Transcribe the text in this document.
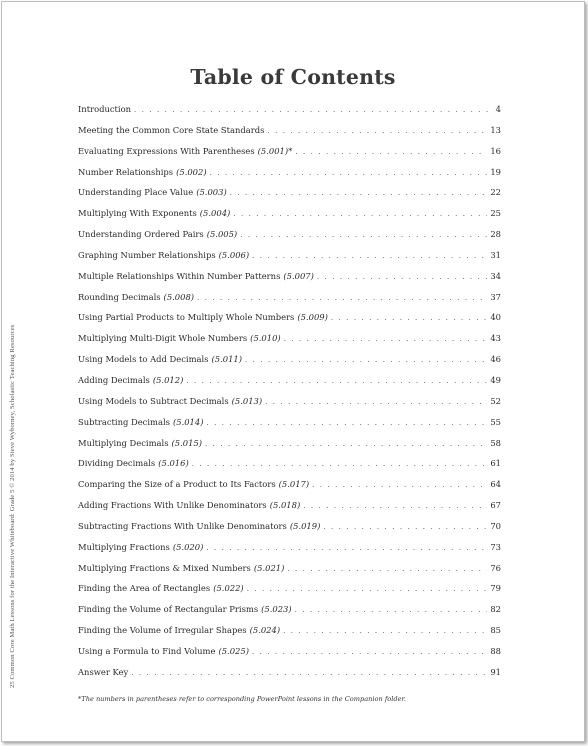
25 Common Core Math Lessons for the Interactive Whiteboard: Grade 5 © 2014 by Steve Wyborney, Scholastic Teaching Resources
Table of Contents
Introduction . . .	4
Meeting the Common Core State Standards . . .	13
Evaluating Expressions With Parentheses (5.001)* . . .	16
Number Relationships (5.002) . . .	19
Understanding Place Value (5.003) . . .	22
Multiplying With Exponents (5.004) . . .	25
Understanding Ordered Pairs (5.005) . . .	28
Graphing Number Relationships (5.006) . . .	31
Multiple Relationships Within Number Patterns (5.007) . . .	34
Rounding Decimals (5.008) . . .	37
Using Partial Products to Multiply Whole Numbers (5.009) . . .	40
Multiplying Multi-Digit Whole Numbers (5.010) . . .	43
Using Models to Add Decimals (5.011) . . .	46
Adding Decimals (5.012) . . .	49
Using Models to Subtract Decimals (5.013) . . .	52
Subtracting Decimals (5.014) . . .	55
Multiplying Decimals (5.015) . . .	58
Dividing Decimals (5.016) . . .	61
Comparing the Size of a Product to Its Factors (5.017) . . .	64
Adding Fractions With Unlike Denominators (5.018) . . .	67
Subtracting Fractions With Unlike Denominators (5.019) . . .	70
Multiplying Fractions (5.020) . . .	73
Multiplying Fractions & Mixed Numbers (5.021) . . .	76
Finding the Area of Rectangles (5.022) . . .	79
Finding the Volume of Rectangular Prisms (5.023) . . .	82
Finding the Volume of Irregular Shapes (5.024) . . .	85
Using a Formula to Find Volume (5.025) . . .	88
Answer Key . . .	91
*The numbers in parentheses refer to corresponding PowerPoint lessons in the Companion folder.
